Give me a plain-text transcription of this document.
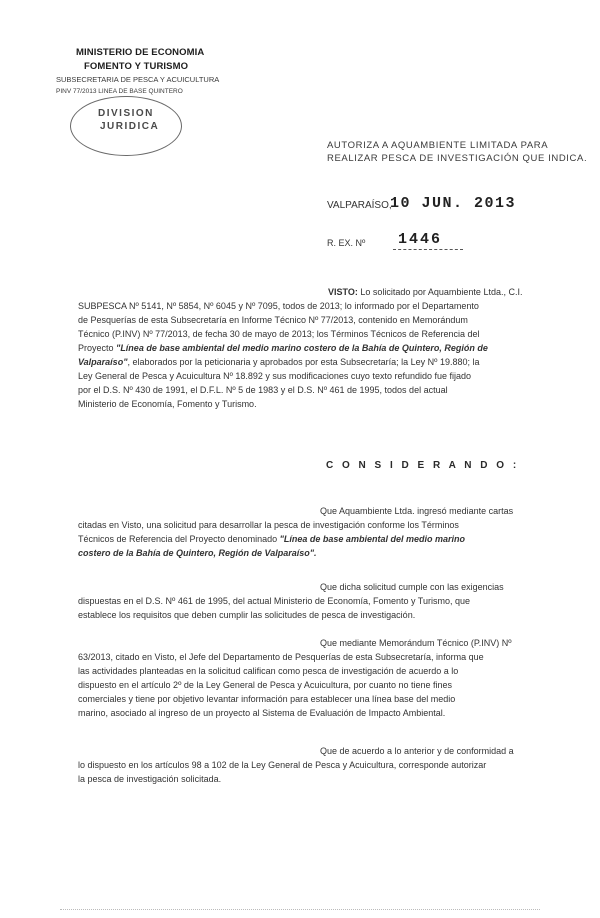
MINISTERIO DE ECONOMIA
FOMENTO Y TURISMO
SUBSECRETARIA DE PESCA Y ACUICULTURA
PINV 77/2013 LINEA DE BASE QUINTERO
DIVISION
JURIDICA
AUTORIZA A AQUAMBIENTE LIMITADA PARA
REALIZAR PESCA DE INVESTIGACIÓN QUE INDICA.
VALPARAÍSO,
10 JUN. 2013
R. EX. Nº 1446
VISTO: Lo solicitado por Aquambiente Ltda., C.I.
SUBPESCA Nº 5141, Nº 5854, Nº 6045 y Nº 7095, todos de 2013; lo informado por el Departamento
de Pesquerías de esta Subsecretaría en Informe Técnico Nº 77/2013, contenido en Memorándum
Técnico (P.INV) Nº 77/2013, de fecha 30 de mayo de 2013; los Términos Técnicos de Referencia del
Proyecto "Línea de base ambiental del medio marino costero de la Bahía de Quintero, Región de
Valparaíso", elaborados por la peticionaria y aprobados por esta Subsecretaría; la Ley Nº 19.880; la
Ley General de Pesca y Acuicultura Nº 18.892 y sus modificaciones cuyo texto refundido fue fijado
por el D.S. Nº 430 de 1991, el D.F.L. Nº 5 de 1983 y el D.S. Nº 461 de 1995, todos del actual
Ministerio de Economía, Fomento y Turismo.
C O N S I D E R A N D O :
Que Aquambiente Ltda. ingresó mediante cartas
citadas en Visto, una solicitud para desarrollar la pesca de investigación conforme los Términos
Técnicos de Referencia del Proyecto denominado "Línea de base ambiental del medio marino
costero de la Bahía de Quintero, Región de Valparaíso".
Que dicha solicitud cumple con las exigencias
dispuestas en el D.S. Nº 461 de 1995, del actual Ministerio de Economía, Fomento y Turismo, que
establece los requisitos que deben cumplir las solicitudes de pesca de investigación.
Que mediante Memorándum Técnico (P.INV) Nº
63/2013, citado en Visto, el Jefe del Departamento de Pesquerías de esta Subsecretaría, informa que
las actividades planteadas en la solicitud califican como pesca de investigación de acuerdo a lo
dispuesto en el artículo 2º de la Ley General de Pesca y Acuicultura, por cuanto no tiene fines
comerciales y tiene por objetivo levantar información para establecer una línea base del medio
marino, asociado al ingreso de un proyecto al Sistema de Evaluación de Impacto Ambiental.
Que de acuerdo a lo anterior y de conformidad a
lo dispuesto en los artículos 98 a 102 de la Ley General de Pesca y Acuicultura, corresponde autorizar
la pesca de investigación solicitada.
